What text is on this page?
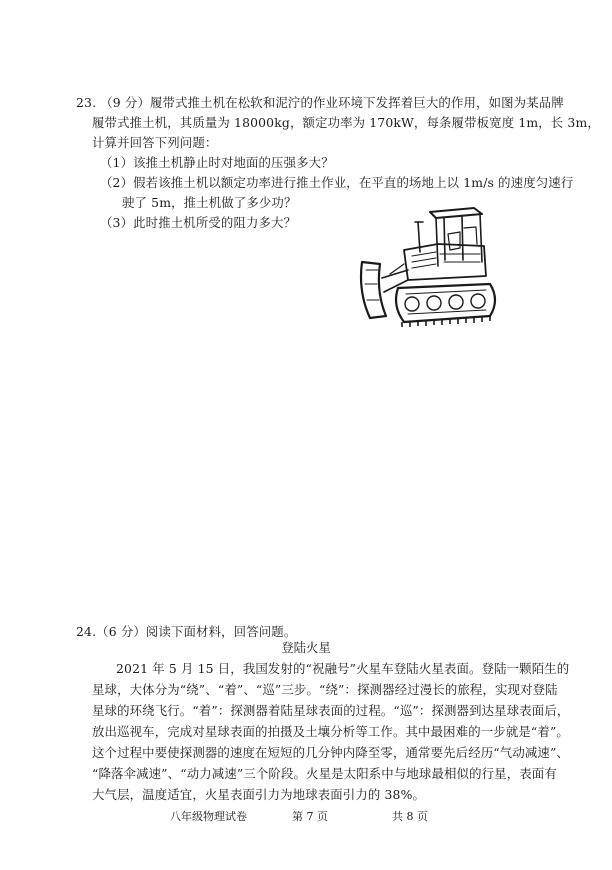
23. （9 分）履带式推土机在松软和泥泞的作业环境下发挥着巨大的作用，如图为某品牌
履带式推土机，其质量为 18000kg，额定功率为 170kW，每条履带板宽度 1m，长 3m，
计算并回答下列问题：
（1）该推土机静止时对地面的压强多大？
（2）假若该推土机以额定功率进行推土作业，在平直的场地上以 1m/s 的速度匀速行
驶了 5m，推土机做了多少功？
（3）此时推土机所受的阻力多大？
24.（6 分）阅读下面材料，回答问题。
登陆火星
2021 年 5 月 15 日，我国发射的“祝融号”火星车登陆火星表面。登陆一颗陌生的
星球，大体分为“绕”、“着”、“巡”三步。“绕”：探测器经过漫长的旅程，实现对登陆
星球的环绕飞行。“着”：探测器着陆星球表面的过程。“巡”：探测器到达星球表面后，
放出巡视车，完成对星球表面的拍摄及土壤分析等工作。其中最困难的一步就是“着”。
这个过程中要使探测器的速度在短短的几分钟内降至零，通常要先后经历“气动减速”、
“降落伞减速”、“动力减速”三个阶段。火星是太阳系中与地球最相似的行星，表面有
大气层，温度适宜，火星表面引力为地球表面引力的 38%。
八年级物理试卷	第 7 页	共 8 页
